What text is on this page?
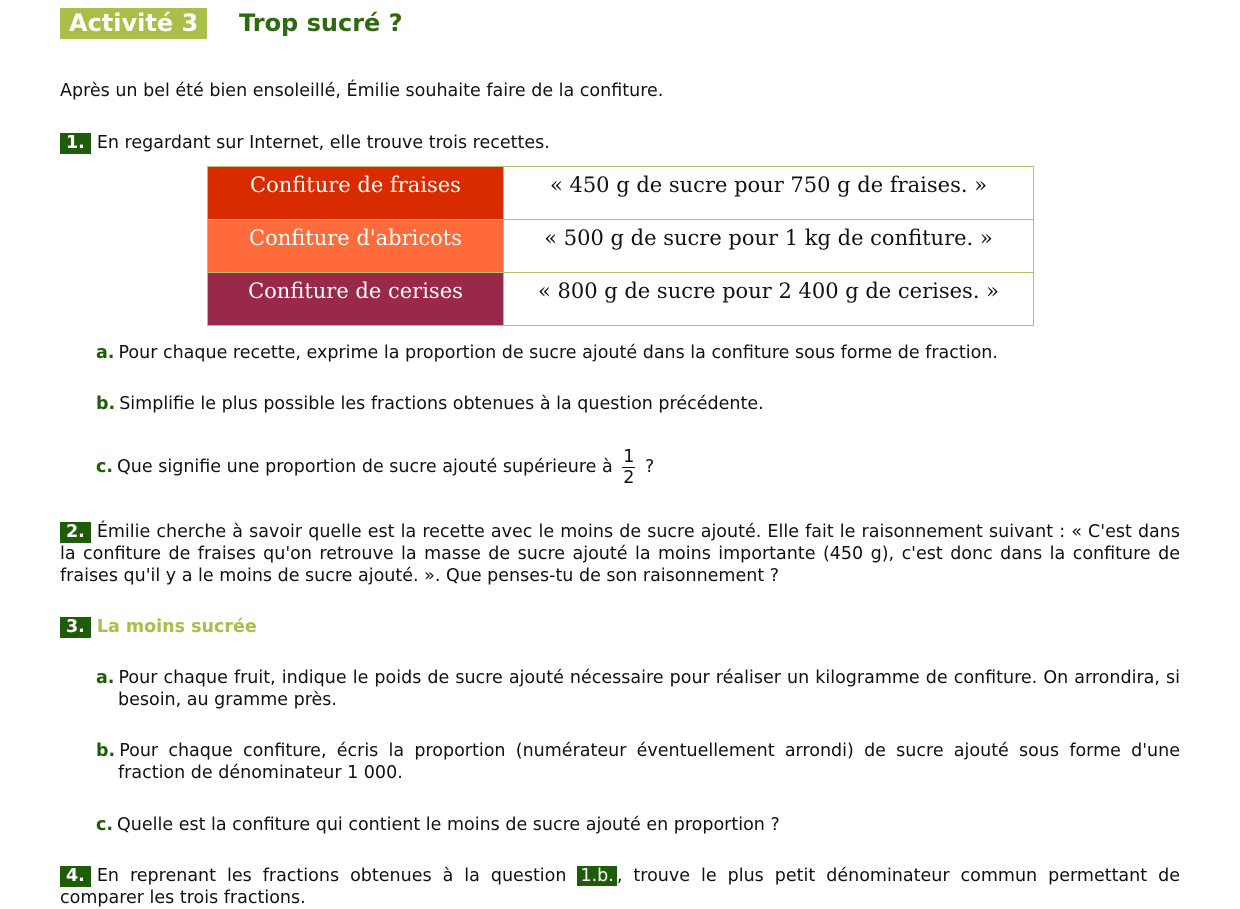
Activité 3	Trop sucré ?
Après un bel été bien ensoleillé, Émilie souhaite faire de la confiture.
1. En regardant sur Internet, elle trouve trois recettes.
Confiture de fraises	« 450 g de sucre pour 750 g de fraises. »
Confiture d'abricots	« 500 g de sucre pour 1 kg de confiture. »
Confiture de cerises	« 800 g de sucre pour 2 400 g de cerises. »
a. Pour chaque recette, exprime la proportion de sucre ajouté dans la confiture sous forme de fraction.
b. Simplifie le plus possible les fractions obtenues à la question précédente.
c. Que signifie une proportion de sucre ajouté supérieure à $\frac{1}{2}$ ?
2. Émilie cherche à savoir quelle est la recette avec le moins de sucre ajouté. Elle fait le raisonnement suivant : « C'est dans la confiture de fraises qu'on retrouve la masse de sucre ajouté la moins importante (450 g), c'est donc dans la confiture de fraises qu'il y a le moins de sucre ajouté. ». Que penses-tu de son raisonnement ?
3. La moins sucrée
a. Pour chaque fruit, indique le poids de sucre ajouté nécessaire pour réaliser un kilogramme de confiture. On arrondira, si besoin, au gramme près.
b. Pour chaque confiture, écris la proportion (numérateur éventuellement arrondi) de sucre ajouté sous forme d'une fraction de dénominateur 1 000.
c. Quelle est la confiture qui contient le moins de sucre ajouté en proportion ?
4. En reprenant les fractions obtenues à la question 1.b. , trouve le plus petit dénominateur commun permettant de comparer les trois fractions.
